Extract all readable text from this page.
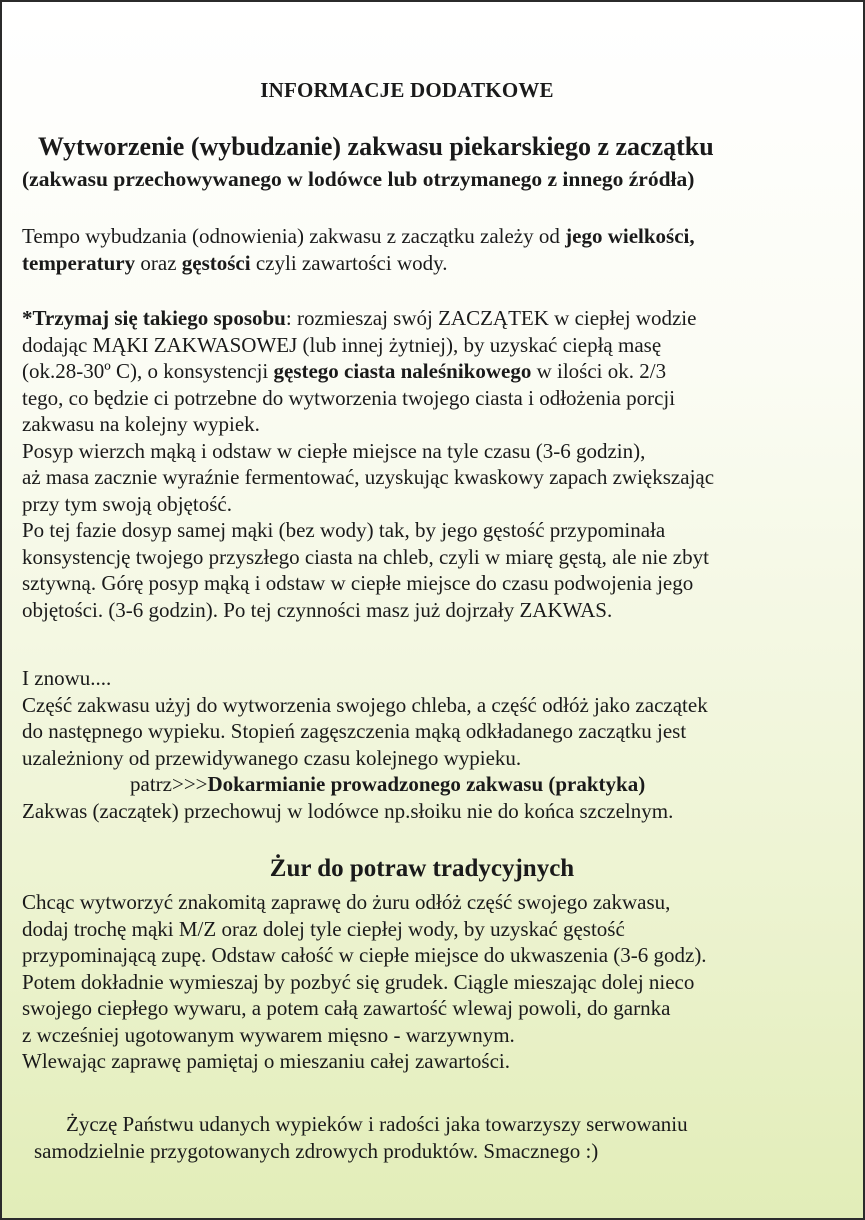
INFORMACJE DODATKOWE
Wytworzenie (wybudzanie) zakwasu piekarskiego z zaczątku
(zakwasu przechowywanego w lodówce lub otrzymanego z innego źródła)
Tempo wybudzania (odnowienia) zakwasu z zaczątku zależy od jego wielkości,
temperatury oraz gęstości czyli zawartości wody.
*Trzymaj się takiego sposobu: rozmieszaj swój ZACZĄTEK w ciepłej wodzie
dodając MĄKI ZAKWASOWEJ (lub innej żytniej), by uzyskać ciepłą masę
(ok.28-30º C), o konsystencji gęstego ciasta naleśnikowego w ilości ok. 2/3
tego, co będzie ci potrzebne do wytworzenia twojego ciasta i odłożenia porcji
zakwasu na kolejny wypiek.
Posyp wierzch mąką i odstaw w ciepłe miejsce na tyle czasu (3-6 godzin),
aż masa zacznie wyraźnie fermentować, uzyskując kwaskowy zapach zwiększając
przy tym swoją objętość.
Po tej fazie dosyp samej mąki (bez wody) tak, by jego gęstość przypominała
konsystencję twojego przyszłego ciasta na chleb, czyli w miarę gęstą, ale nie zbyt
sztywną. Górę posyp mąką i odstaw w ciepłe miejsce do czasu podwojenia jego
objętości. (3-6 godzin). Po tej czynności masz już dojrzały ZAKWAS.
I znowu....
Część zakwasu użyj do wytworzenia swojego chleba, a część odłóż jako zaczątek
do następnego wypieku. Stopień zagęszczenia mąką odkładanego zaczątku jest
uzależniony od przewidywanego czasu kolejnego wypieku.
patrz>>>Dokarmianie prowadzonego zakwasu (praktyka)
Zakwas (zaczątek) przechowuj w lodówce np.słoiku nie do końca szczelnym.
Żur do potraw tradycyjnych
Chcąc wytworzyć znakomitą zaprawę do żuru odłóż część swojego zakwasu,
dodaj trochę mąki M/Z oraz dolej tyle ciepłej wody, by uzyskać gęstość
przypominającą zupę. Odstaw całość w ciepłe miejsce do ukwaszenia (3-6 godz).
Potem dokładnie wymieszaj by pozbyć się grudek. Ciągle mieszając dolej nieco
swojego ciepłego wywaru, a potem całą zawartość wlewaj powoli, do garnka
z wcześniej ugotowanym wywarem mięsno - warzywnym.
Wlewając zaprawę pamiętaj o mieszaniu całej zawartości.
Życzę Państwu udanych wypieków i radości jaka towarzyszy serwowaniu
samodzielnie przygotowanych zdrowych produktów. Smacznego :)
